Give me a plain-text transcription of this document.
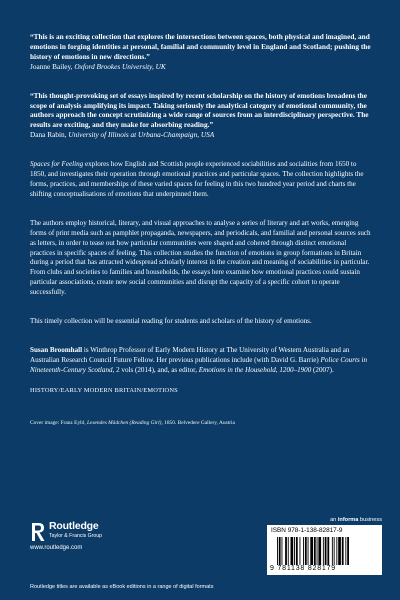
“This is an exciting collection that explores the intersections between spaces, both physical and imagined, and emotions in forging identities at personal, familial and community level in England and Scotland; pushing the history of emotions in new directions.”

Joanne Bailey, Oxford Brookes University, UK

“This thought-provoking set of essays inspired by recent scholarship on the history of emotions broadens the scope of analysis amplifying its impact. Taking seriously the analytical category of emotional community, the authors approach the concept scrutinizing a wide range of sources from an interdisciplinary perspective. The results are exciting, and they make for absorbing reading.”

Dana Rabin, University of Illinois at Urbana-Champaign, USA

Spaces for Feeling explores how English and Scottish people experienced sociabilities and socialities from 1650 to 1850, and investigates their operation through emotional practices and particular spaces. The collection highlights the forms, practices, and memberships of these varied spaces for feeling in this two hundred year period and charts the shifting conceptualisations of emotions that underpinned them.

The authors employ historical, literary, and visual approaches to analyse a series of literary and art works, emerging forms of print media such as pamphlet propaganda, newspapers, and periodicals, and familial and personal sources such as letters, in order to tease out how particular communities were shaped and cohered through distinct emotional practices in specific spaces of feeling. This collection studies the function of emotions in group formations in Britain during a period that has attracted widespread scholarly interest in the creation and meaning of sociabilities in particular. From clubs and societies to families and households, the essays here examine how emotional practices could sustain particular associations, create new social communities and disrupt the capacity of a specific cohort to operate successfully.

This timely collection will be essential reading for students and scholars of the history of emotions.

Susan Broomhall is Winthrop Professor of Early Modern History at The University of Western Australia and an Australian Research Council Future Fellow. Her previous publications include (with David G. Barrie) Police Courts in Nineteenth-Century Scotland, 2 vols (2014), and, as editor, Emotions in the Household, 1200–1900 (2007).

HISTORY/EARLY MODERN BRITAIN/EMOTIONS

Cover image: Franz Eybl, Lesendes Mädchen (Reading Girl), 1850. Belvedere Gallery, Austria

Routledge
Taylor & Francis Group
www.routledge.com
an informa business
ISBN 978-1-138-82817-9
9 781138 828179
Routledge titles are available as eBook editions in a range of digital formats
